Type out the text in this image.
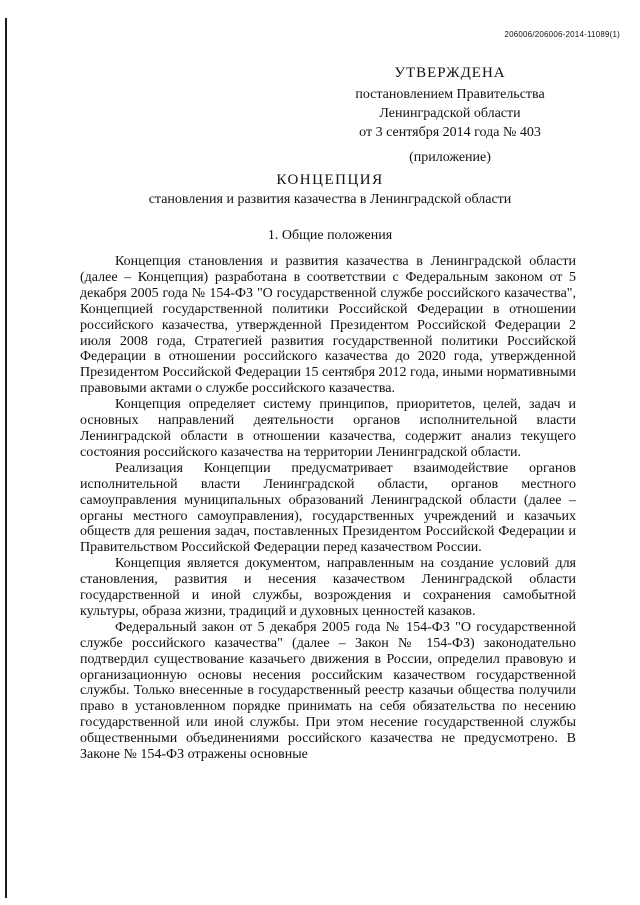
206006/206006-2014-11089(1)
УТВЕРЖДЕНА
постановлением Правительства
Ленинградской области
от 3 сентября 2014 года № 403
(приложение)
КОНЦЕПЦИЯ
становления и развития казачества в Ленинградской области
1. Общие положения

Концепция становления и развития казачества в Ленинградской области (далее – Концепция) разработана в соответствии с Федеральным законом от 5 декабря 2005 года № 154-ФЗ "О государственной службе российского казачества", Концепцией государственной политики Российской Федерации в отношении российского казачества, утвержденной Президентом Российской Федерации 2 июля 2008 года, Стратегией развития государственной политики Российской Федерации в отношении российского казачества до 2020 года, утвержденной Президентом Российской Федерации 15 сентября 2012 года, иными нормативными правовыми актами о службе российского казачества.

Концепция определяет систему принципов, приоритетов, целей, задач и основных направлений деятельности органов исполнительной власти Ленинградской области в отношении казачества, содержит анализ текущего состояния российского казачества на территории Ленинградской области.

Реализация Концепции предусматривает взаимодействие органов исполнительной власти Ленинградской области, органов местного самоуправления муниципальных образований Ленинградской области (далее – органы местного самоуправления), государственных учреждений и казачьих обществ для решения задач, поставленных Президентом Российской Федерации и Правительством Российской Федерации перед казачеством России.

Концепция является документом, направленным на создание условий для становления, развития и несения казачеством Ленинградской области государственной и иной службы, возрождения и сохранения самобытной культуры, образа жизни, традиций и духовных ценностей казаков.

Федеральный закон от 5 декабря 2005 года № 154-ФЗ "О государственной службе российского казачества" (далее – Закон № 154-ФЗ) законодательно подтвердил существование казачьего движения в России, определил правовую и организационную основы несения российским казачеством государственной службы. Только внесенные в государственный реестр казачьи общества получили право в установленном порядке принимать на себя обязательства по несению государственной или иной службы. При этом несение государственной службы общественными объединениями российского казачества не предусмотрено. В Законе № 154-ФЗ отражены основные
